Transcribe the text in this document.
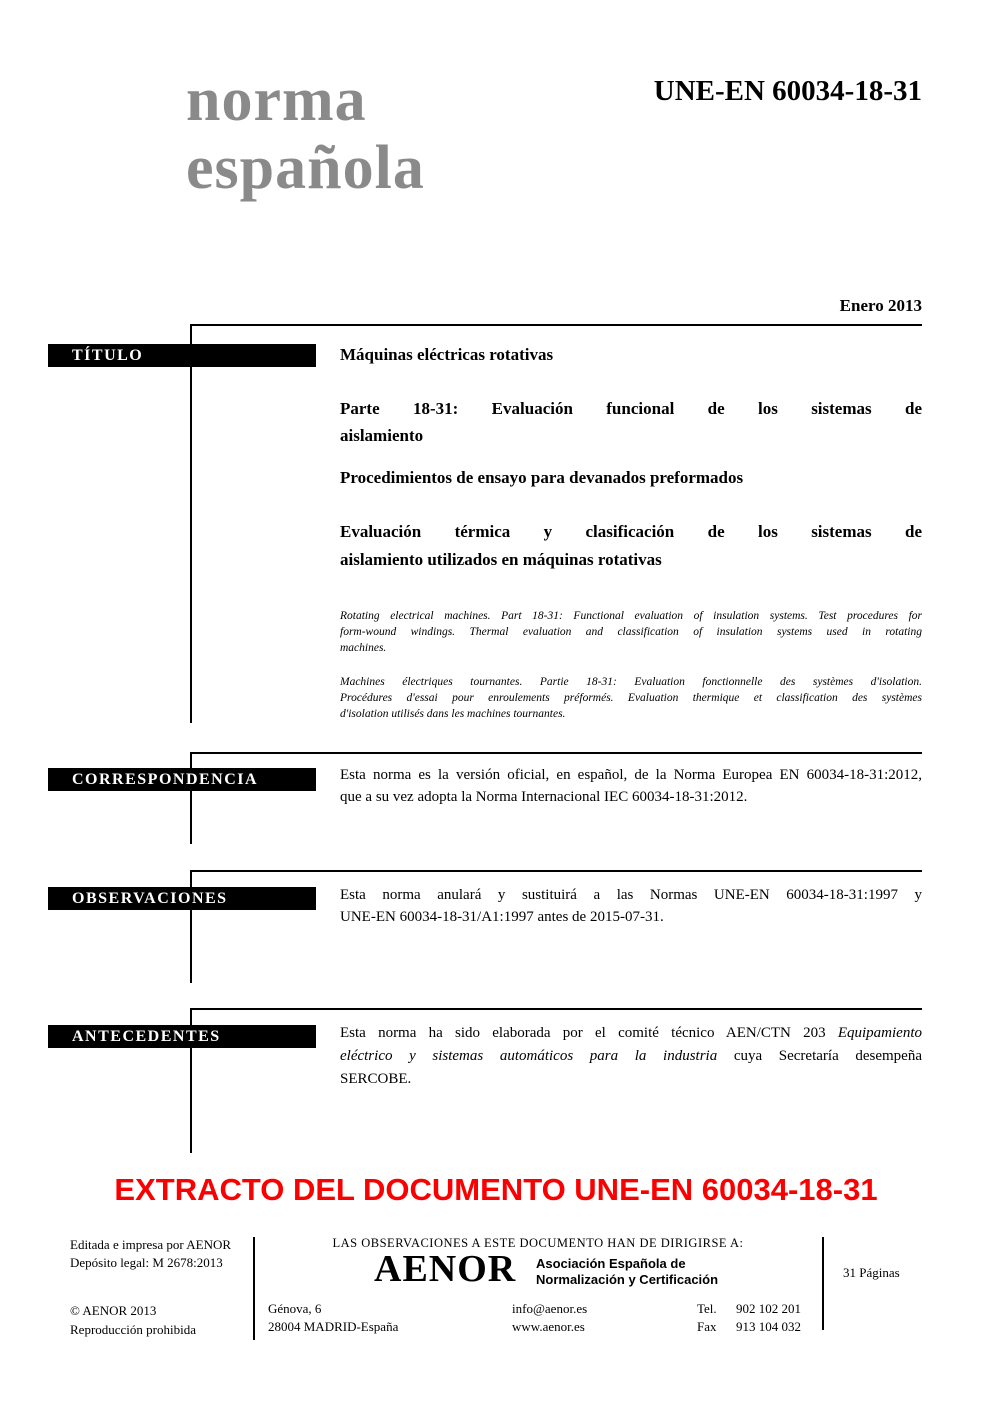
norma
española
UNE-EN 60034-18-31
Enero 2013
TÍTULO	Máquinas eléctricas rotativas
Parte 18-31: Evaluación funcional de los sistemas de
aislamiento
Procedimientos de ensayo para devanados preformados
Evaluación térmica y clasificación de los sistemas de
aislamiento utilizados en máquinas rotativas
Rotating electrical machines. Part 18-31: Functional evaluation of insulation systems. Test procedures for
form-wound windings. Thermal evaluation and classification of insulation systems used in rotating
machines.
Machines électriques tournantes. Partie 18-31: Evaluation fonctionnelle des systèmes d'isolation.
Procédures d'essai pour enroulements préformés. Evaluation thermique et classification des systèmes
d'isolation utilisés dans les machines tournantes.
CORRESPONDENCIA	Esta norma es la versión oficial, en español, de la Norma Europea EN 60034-18-31:2012,
que a su vez adopta la Norma Internacional IEC 60034-18-31:2012.
OBSERVACIONES	Esta norma anulará y sustituirá a las Normas UNE-EN 60034-18-31:1997 y
UNE-EN 60034-18-31/A1:1997 antes de 2015-07-31.
ANTECEDENTES	Esta norma ha sido elaborada por el comité técnico AEN/CTN 203 Equipamiento
eléctrico y sistemas automáticos para la industria cuya Secretaría desempeña
SERCOBE.
EXTRACTO DEL DOCUMENTO UNE-EN 60034-18-31
Editada e impresa por AENOR
Depósito legal: M 2678:2013
© AENOR 2013
Reproducción prohibida
LAS OBSERVACIONES A ESTE DOCUMENTO HAN DE DIRIGIRSE A:
AENOR Asociación Española de
Normalización y Certificación
Génova, 6
28004 MADRID-España
info@aenor.es
www.aenor.es
Tel. 902 102 201
Fax 913 104 032
31 Páginas
